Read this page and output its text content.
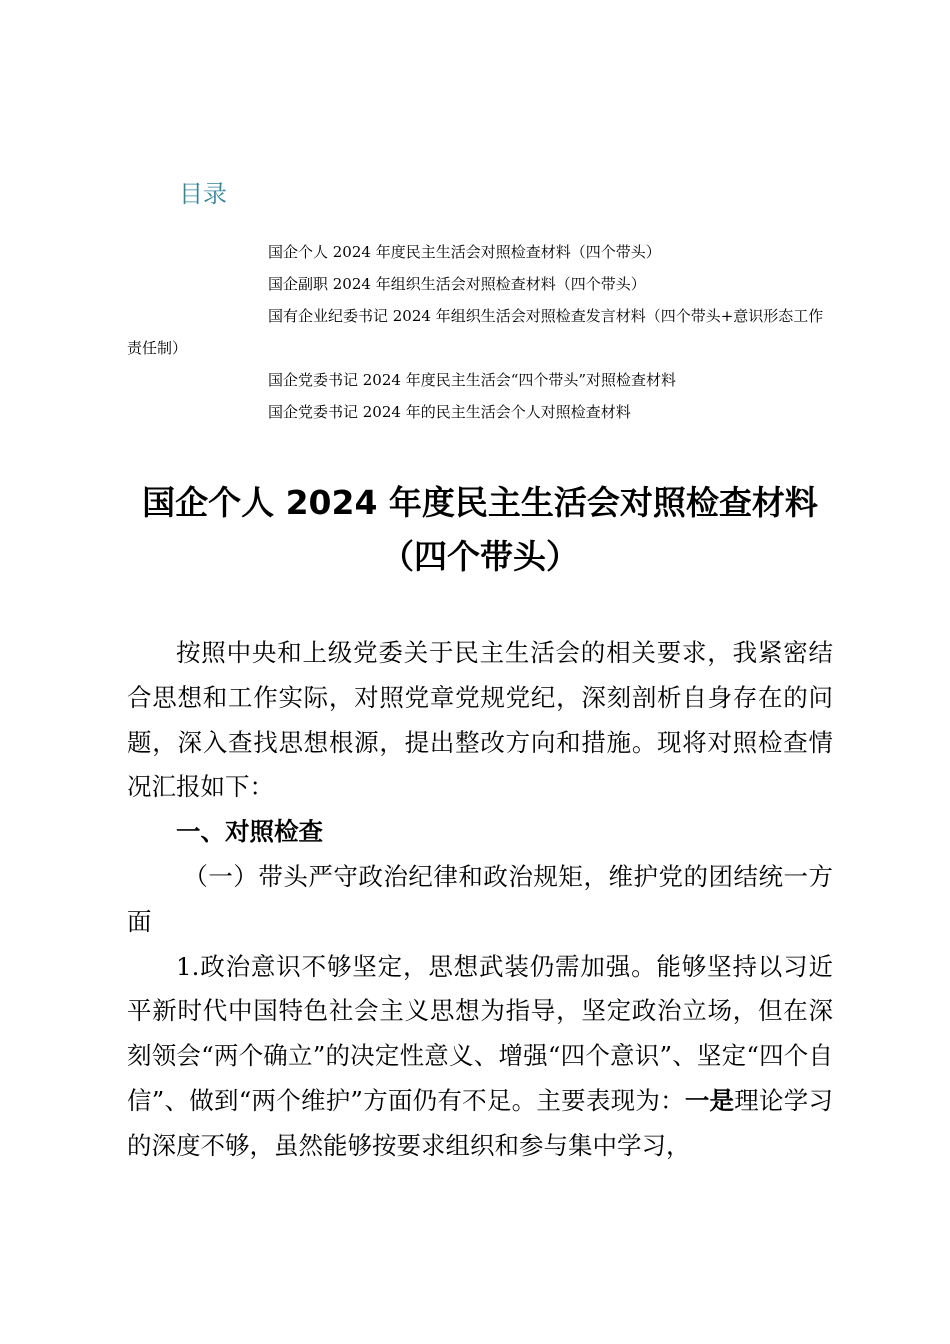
目录
国企个人 2024 年度民主生活会对照检查材料（四个带头）
国企副职 2024 年组织生活会对照检查材料（四个带头）
国有企业纪委书记 2024 年组织生活会对照检查发言材料（四个带头+意识形态工作责任制）
国企党委书记 2024 年度民主生活会“四个带头”对照检查材料
国企党委书记 2024 年的民主生活会个人对照检查材料
国企个人 2024 年度民主生活会对照检查材料（四个带头）

按照中央和上级党委关于民主生活会的相关要求，我紧密结合思想和工作实际，对照党章党规党纪，深刻剖析自身存在的问题，深入查找思想根源，提出整改方向和措施。现将对照检查情况汇报如下：

一、对照检查

（一）带头严守政治纪律和政治规矩，维护党的团结统一方面

1.政治意识不够坚定，思想武装仍需加强。能够坚持以习近平新时代中国特色社会主义思想为指导，坚定政治立场，但在深刻领会“两个确立”的决定性意义、增强“四个意识”、坚定“四个自信”、做到“两个维护”方面仍有不足。主要表现为：一是理论学习的深度不够，虽然能够按要求组织和参与集中学习，
